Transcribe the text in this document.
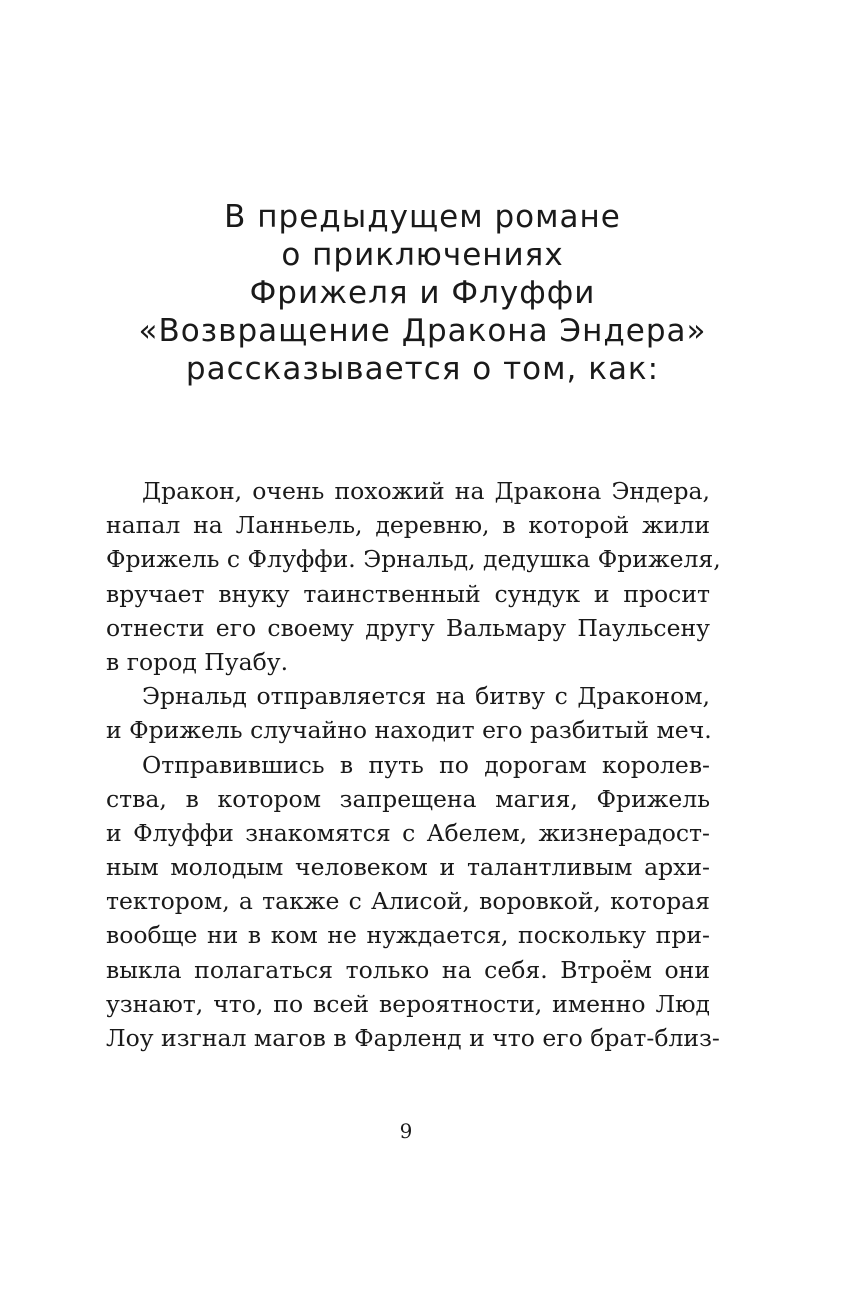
В предыдущем романе
о приключениях
Фрижеля и Флуффи
«Возвращение Дракона Эндера»
рассказывается о том, как:

Дракон, очень похожий на Дракона Эндера,
напал на Ланньель, деревню, в которой жили
Фрижель с Флуффи. Эрнальд, дедушка Фрижеля,
вручает внуку таинственный сундук и просит
отнести его своему другу Вальмару Паульсену
в город Пуабу.

Эрнальд отправляется на битву с Драконом,
и Фрижель случайно находит его разбитый меч.

Отправившись в путь по дорогам королев-
ства, в котором запрещена магия, Фрижель
и Флуффи знакомятся с Абелем, жизнерадост-
ным молодым человеком и талантливым архи-
тектором, а также с Алисой, воровкой, которая
вообще ни в ком не нуждается, поскольку при-
выкла полагаться только на себя. Втроём они
узнают, что, по всей вероятности, именно Люд
Лоу изгнал магов в Фарленд и что его брат-близ-

9
